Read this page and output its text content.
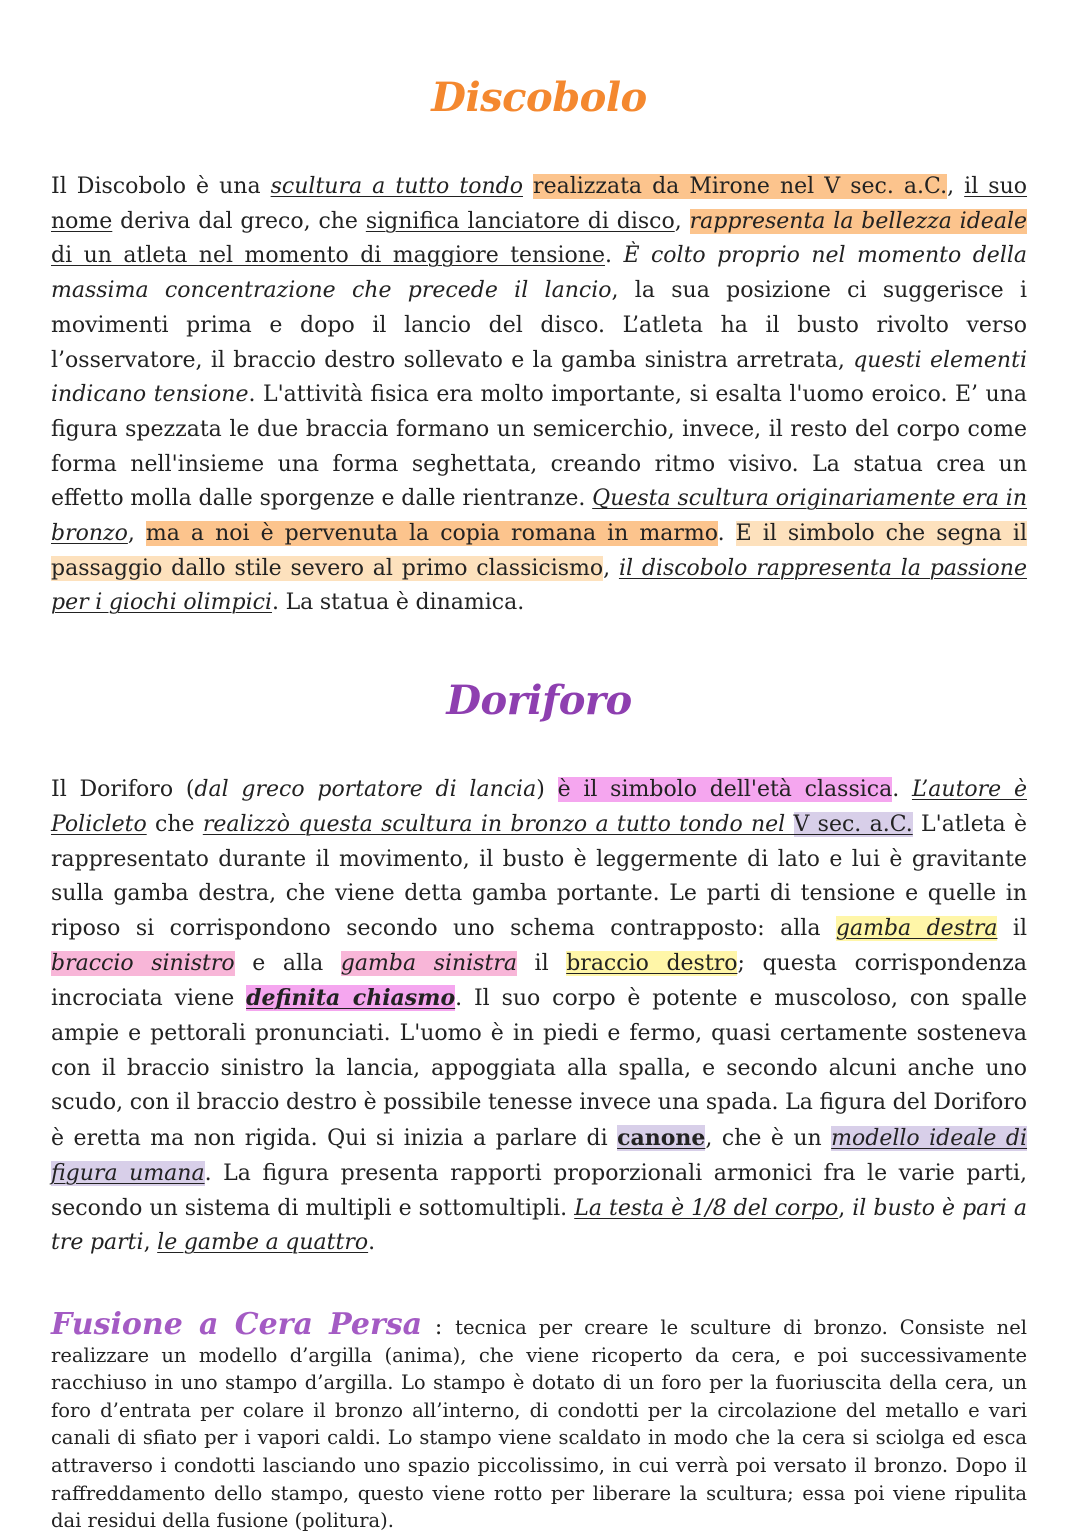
Discobolo

Il Discobolo è una scultura a tutto tondo realizzata da Mirone nel V sec. a.C., il suo nome deriva dal greco, che significa lanciatore di disco, rappresenta la bellezza ideale di un atleta nel momento di maggiore tensione. È colto proprio nel momento della massima concentrazione che precede il lancio, la sua posizione ci suggerisce i movimenti prima e dopo il lancio del disco. L’atleta ha il busto rivolto verso l’osservatore, il braccio destro sollevato e la gamba sinistra arretrata, questi elementi indicano tensione. L'attività fisica era molto importante, si esalta l'uomo eroico. E’ una figura spezzata le due braccia formano un semicerchio, invece, il resto del corpo come forma nell'insieme una forma seghettata, creando ritmo visivo. La statua crea un effetto molla dalle sporgenze e dalle rientranze. Questa scultura originariamente era in bronzo, ma a noi è pervenuta la copia romana in marmo. E il simbolo che segna il passaggio dallo stile severo al primo classicismo, il discobolo rappresenta la passione per i giochi olimpici. La statua è dinamica.

Doriforo

Il Doriforo (dal greco portatore di lancia) è il simbolo dell'età classica. L’autore è Policleto che realizzò questa scultura in bronzo a tutto tondo nel V sec. a.C. L'atleta è rappresentato durante il movimento, il busto è leggermente di lato e lui è gravitante sulla gamba destra, che viene detta gamba portante. Le parti di tensione e quelle in riposo si corrispondono secondo uno schema contrapposto: alla gamba destra il braccio sinistro e alla gamba sinistra il braccio destro; questa corrispondenza incrociata viene definita chiasmo. Il suo corpo è potente e muscoloso, con spalle ampie e pettorali pronunciati. L'uomo è in piedi e fermo, quasi certamente sosteneva con il braccio sinistro la lancia, appoggiata alla spalla, e secondo alcuni anche uno scudo, con il braccio destro è possibile tenesse invece una spada. La figura del Doriforo è eretta ma non rigida. Qui si inizia a parlare di canone, che è un modello ideale di figura umana. La figura presenta rapporti proporzionali armonici fra le varie parti, secondo un sistema di multipli e sottomultipli. La testa è 1/8 del corpo, il busto è pari a tre parti, le gambe a quattro.

Fusione a Cera Persa : tecnica per creare le sculture di bronzo. Consiste nel realizzare un modello d’argilla (anima), che viene ricoperto da cera, e poi successivamente racchiuso in uno stampo d’argilla. Lo stampo è dotato di un foro per la fuoriuscita della cera, un foro d’entrata per colare il bronzo all’interno, di condotti per la circolazione del metallo e vari canali di sfiato per i vapori caldi. Lo stampo viene scaldato in modo che la cera si sciolga ed esca attraverso i condotti lasciando uno spazio piccolissimo, in cui verrà poi versato il bronzo. Dopo il raffreddamento dello stampo, questo viene rotto per liberare la scultura; essa poi viene ripulita dai residui della fusione (politura).
